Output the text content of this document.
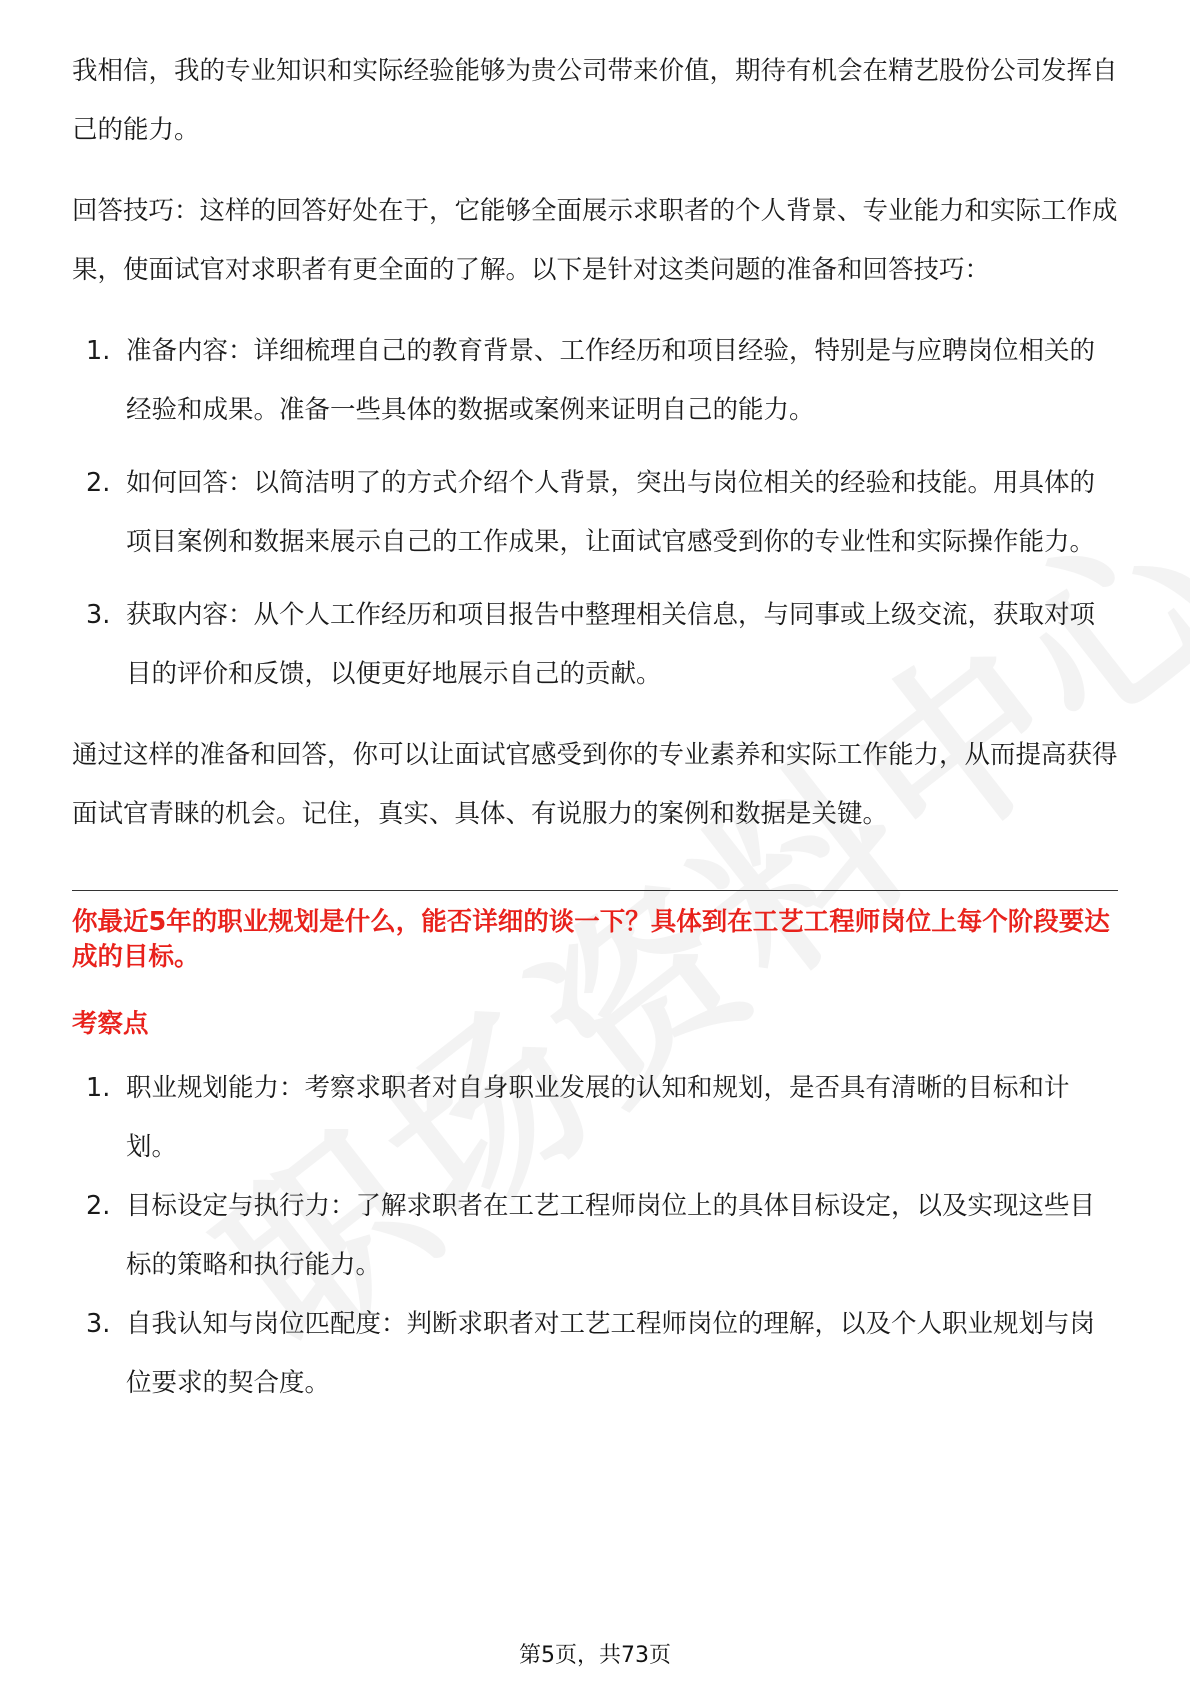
我相信，我的专业知识和实际经验能够为贵公司带来价值，期待有机会在精艺股份公司发挥自己的能力。

回答技巧：这样的回答好处在于，它能够全面展示求职者的个人背景、专业能力和实际工作成果，使面试官对求职者有更全面的了解。以下是针对这类问题的准备和回答技巧：

1. 准备内容：详细梳理自己的教育背景、工作经历和项目经验，特别是与应聘岗位相关的经验和成果。准备一些具体的数据或案例来证明自己的能力。
2. 如何回答：以简洁明了的方式介绍个人背景，突出与岗位相关的经验和技能。用具体的项目案例和数据来展示自己的工作成果，让面试官感受到你的专业性和实际操作能力。
3. 获取内容：从个人工作经历和项目报告中整理相关信息，与同事或上级交流，获取对项目的评价和反馈，以便更好地展示自己的贡献。

通过这样的准备和回答，你可以让面试官感受到你的专业素养和实际工作能力，从而提高获得面试官青睐的机会。记住，真实、具体、有说服力的案例和数据是关键。

你最近5年的职业规划是什么，能否详细的谈一下？具体到在工艺工程师岗位上每个阶段要达成的目标。

考察点

1. 职业规划能力：考察求职者对自身职业发展的认知和规划，是否具有清晰的目标和计划。
2. 目标设定与执行力：了解求职者在工艺工程师岗位上的具体目标设定，以及实现这些目标的策略和执行能力。
3. 自我认知与岗位匹配度：判断求职者对工艺工程师岗位的理解，以及个人职业规划与岗位要求的契合度。
第5页，共73页
